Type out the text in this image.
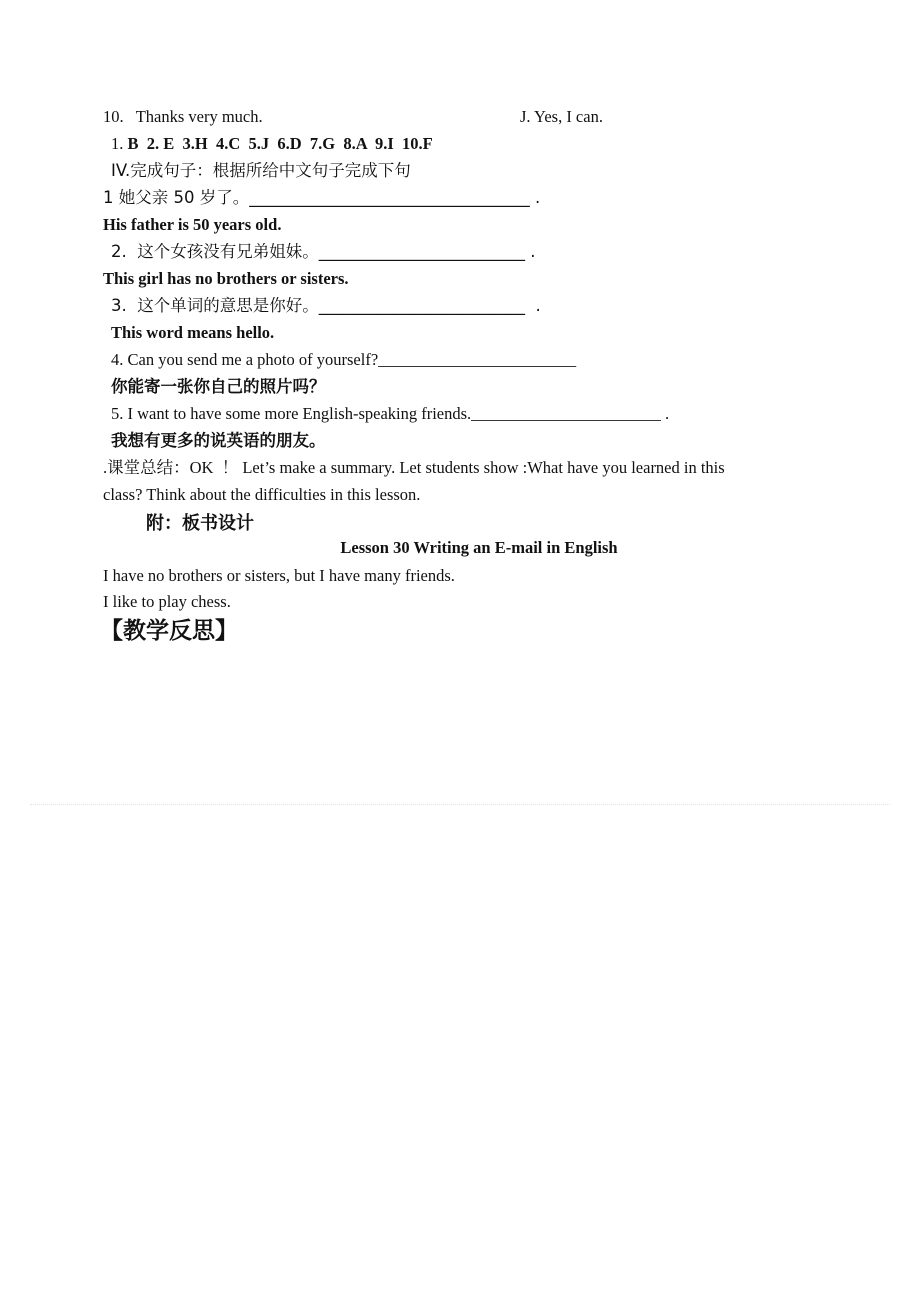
10.   Thanks very much.	J. Yes, I can.
1. B  2. E  3.H  4.C  5.J  6.D  7.G  8.A  9.I  10.F
IV.完成句子：根据所给中文句子完成下句
1 她父亲 50 岁了。__________________________________ .
His father is 50 years old.
2.  这个女孩没有兄弟姐妹。_________________________ .
This girl has no brothers or sisters.
3.  这个单词的意思是你好。_________________________  .
This word means hello.
4. Can you send me a photo of yourself?________________________
你能寄一张你自己的照片吗？
5. I want to have some more English-speaking friends._______________________ .
我想有更多的说英语的朋友。
.课堂总结：OK  ！ Let’s make a summary. Let students show :What have you learned in this
class? Think about the difficulties in this lesson.
附：板书设计
Lesson 30 Writing an E-mail in English
I have no brothers or sisters, but I have many friends.
I like to play chess.
【教学反思】
